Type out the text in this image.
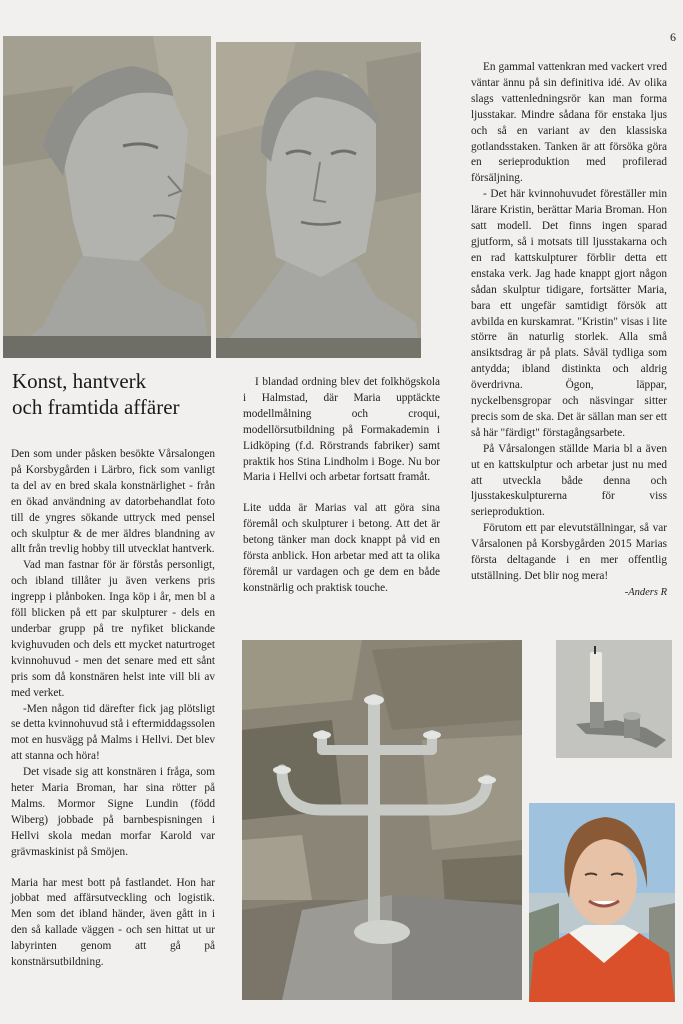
6
Konst, hantverk
och framtida affärer

Den som under påsken besökte Vårsalongen på Korsbygården i Lärbro, fick som vanligt ta del av en bred skala konstnärlighet - från en ökad användning av datorbehandlat foto till de yngres sökande uttryck med pensel och skulptur & de mer äldres blandning av allt från trevlig hobby till utvecklat hantverk.

Vad man fastnar för är förstås personligt, och ibland tillåter ju även verkens pris ingrepp i plånboken. Inga köp i år, men bl a föll blicken på ett par skulpturer - dels en underbar grupp på tre nyfiket blickande kvighuvuden och dels ett mycket naturtroget kvinnohuvud - men det senare med ett sånt pris som då konstnären helst inte vill bli av med verket.

-Men någon tid därefter fick jag plötsligt se detta kvinnohuvud stå i eftermiddagssolen mot en husvägg på Malms i Hellvi. Det blev att stanna och höra!

Det visade sig att konstnären i fråga, som heter Maria Broman, har sina rötter på Malms. Mormor Signe Lundin (född Wiberg) jobbade på barnbespisningen i Hellvi skola medan morfar Karold var grävmaskinist på Smöjen.

Maria har mest bott på fastlandet. Hon har jobbat med affärsutveckling och logistik. Men som det ibland händer, även gått in i den så kallade väggen - och sen hittat ut ur labyrinten genom att gå på konstnärsutbildning.

I blandad ordning blev det folkhögskola i Halmstad, där Maria upptäckte modellmålning och croqui, modellörsutbildning på Formakademin i Lidköping (f.d. Rörstrands fabriker) samt praktik hos Stina Lindholm i Boge. Nu bor Maria i Hellvi och arbetar fortsatt framåt.

Lite udda är Marias val att göra sina föremål och skulpturer i betong. Att det är betong tänker man dock knappt på vid en första anblick. Hon arbetar med att ta olika föremål ur vardagen och ge dem en både konstnärlig och praktisk touche.

En gammal vattenkran med vackert vred väntar ännu på sin definitiva idé. Av olika slags vattenledningsrör kan man forma ljusstakar. Mindre sådana för enstaka ljus och så en variant av den klassiska gotlandsstaken. Tanken är att försöka göra en serieproduktion med profilerad försäljning.

- Det här kvinnohuvudet föreställer min lärare Kristin, berättar Maria Broman. Hon satt modell. Det finns ingen sparad gjutform, så i motsats till ljusstakarna och en rad kattskulpturer förblir detta ett enstaka verk. Jag hade knappt gjort någon sådan skulptur tidigare, fortsätter Maria, bara ett ungefär samtidigt försök att avbilda en kurskamrat. "Kristin" visas i lite större än naturlig storlek. Alla små ansiktsdrag är på plats. Såväl tydliga som antydda; ibland distinkta och aldrig överdrivna. Ögon, läppar, nyckelbensgropar och näsvingar sitter precis som de ska. Det är sällan man ser ett så här "färdigt" förstagångsarbete.

På Vårsalongen ställde Maria bl a även ut en kattskulptur och arbetar just nu med att utveckla både denna och ljusstakeskulpturerna för viss serieproduktion.

Förutom ett par elevutställningar, så var Vårsalonen på Korsbygården 2015 Marias första deltagande i en mer offentlig utställning. Det blir nog mera!

-Anders R
